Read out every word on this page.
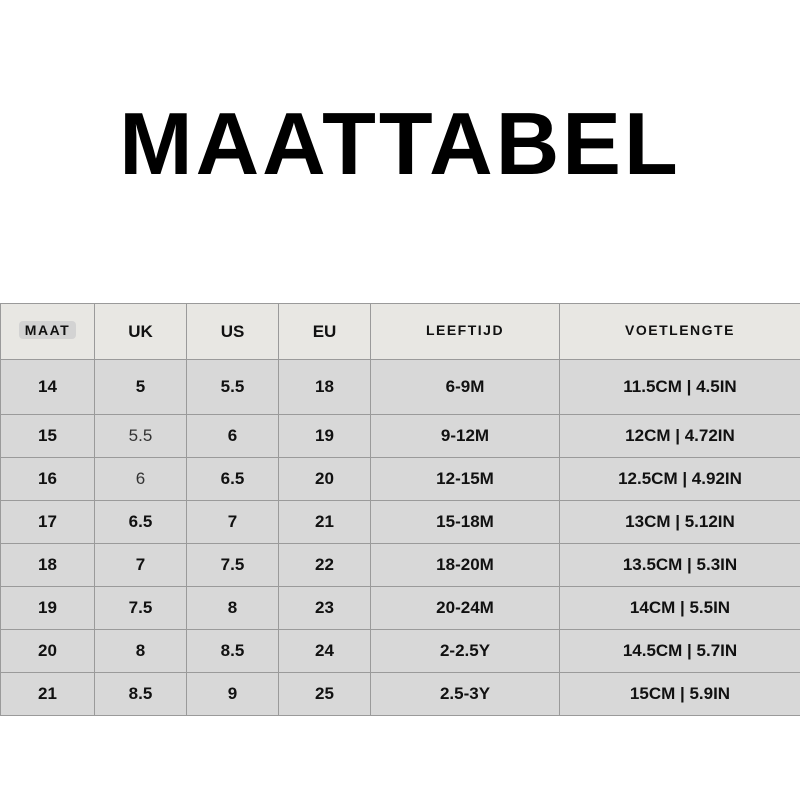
MAATTABEL
MAAT	UK	US	EU	LEEFTIJD	VOETLENGTE
14	5	5.5	18	6-9M	11.5CM | 4.5IN
15	5.5	6	19	9-12M	12CM | 4.72IN
16	6	6.5	20	12-15M	12.5CM | 4.92IN
17	6.5	7	21	15-18M	13CM | 5.12IN
18	7	7.5	22	18-20M	13.5CM | 5.3IN
19	7.5	8	23	20-24M	14CM | 5.5IN
20	8	8.5	24	2-2.5Y	14.5CM | 5.7IN
21	8.5	9	25	2.5-3Y	15CM | 5.9IN
